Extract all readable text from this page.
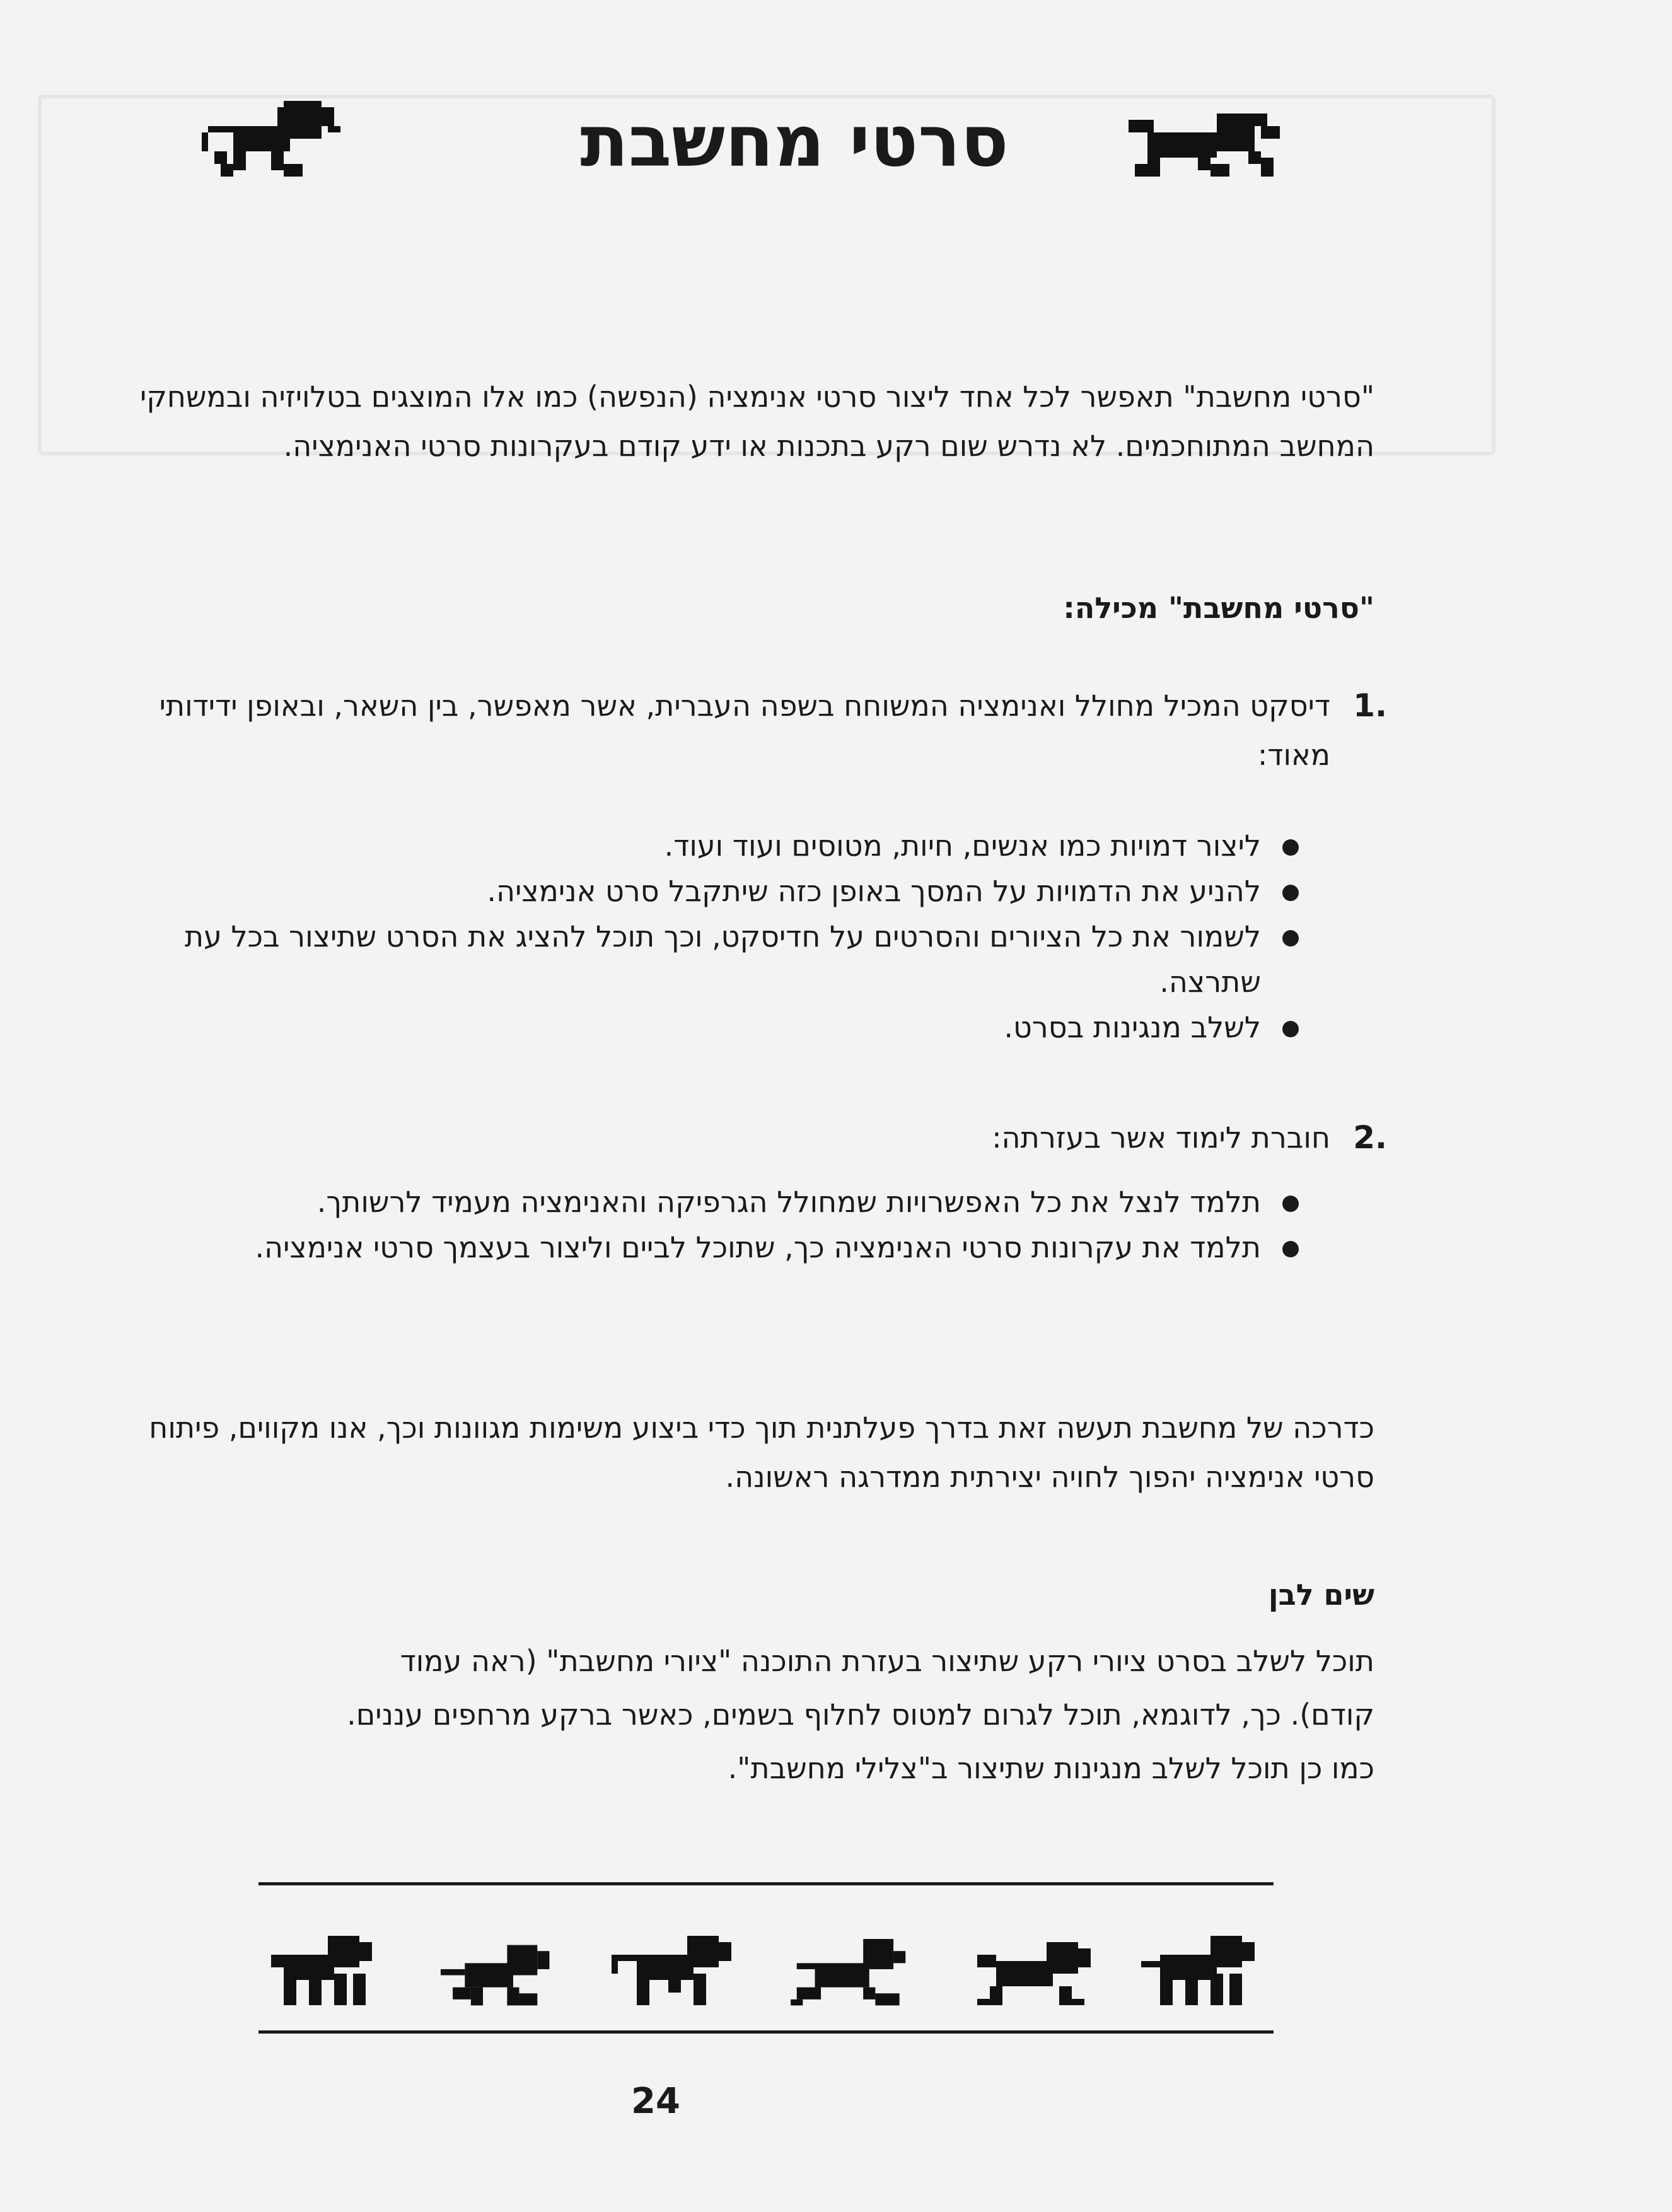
סרטי מחשבת
"סרטי מחשבת" תאפשר לכל אחד ליצור סרטי אנימציה (הנפשה) כמו אלו המוצגים בטלויזיה ובמשחקי המחשב המתוחכמים. לא נדרש שום רקע בתכנות או ידע קודם בעקרונות סרטי האנימציה.
"סרטי מחשבת" מכילה:
.1
דיסקט המכיל מחולל ואנימציה המשוחח בשפה העברית, אשר מאפשר, בין השאר, ובאופן ידידותי מאוד:
ליצור דמויות כמו אנשים, חיות, מטוסים ועוד ועוד.
להניע את הדמויות על המסך באופן כזה שיתקבל סרט אנימציה.
לשמור את כל הציורים והסרטים על חדיסקט, וכך תוכל להציג את הסרט שתיצור בכל עת שתרצה.
לשלב מנגינות בסרט.
.2
חוברת לימוד אשר בעזרתה:
תלמד לנצל את כל האפשרויות שמחולל הגרפיקה והאנימציה מעמיד לרשותך.
תלמד את עקרונות סרטי האנימציה כך, שתוכל לביים וליצור בעצמך סרטי אנימציה.
כדרכה של מחשבת תעשה זאת בדרך פעלתנית תוך כדי ביצוע משימות מגוונות וכך, אנו מקווים, פיתוח סרטי אנימציה יהפוך לחויה יצירתית ממדרגה ראשונה.
שים לבן
תוכל לשלב בסרט ציורי רקע שתיצור בעזרת התוכנה "ציורי מחשבת" (ראה עמוד
קודם). כך, לדוגמא, תוכל לגרום למטוס לחלוף בשמים, כאשר ברקע מרחפים עננים.
כמו כן תוכל לשלב מנגינות שתיצור ב"צלילי מחשבת".
24
